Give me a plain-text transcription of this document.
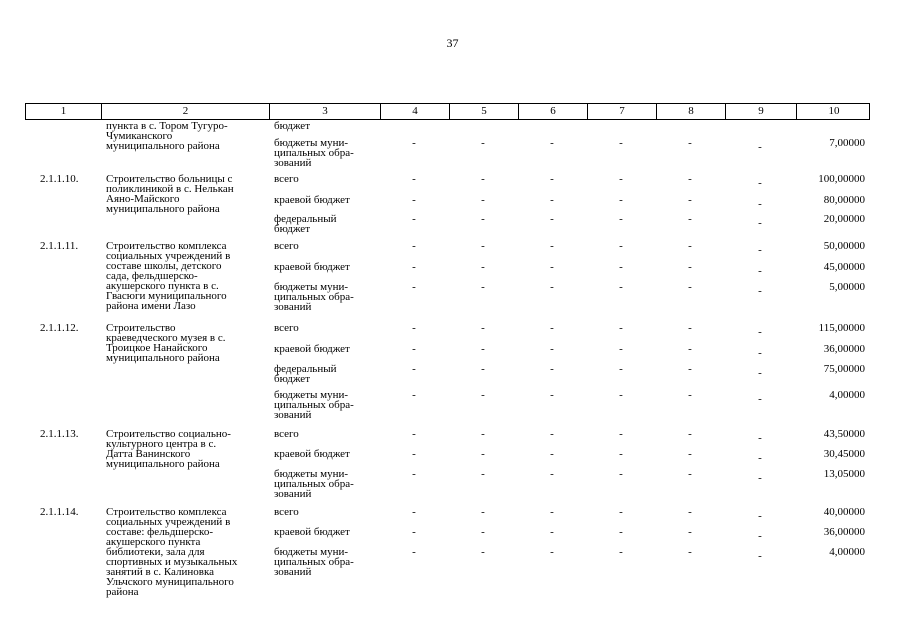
37
1	2	3	4	5	6	7	8	9	10
пункта в с. Тором Тугуро-
Чумиканского
муниципального района
бюджет
бюджеты муни-
ципальных обра-
зований
-	-	-	-	-	-	7,00000
2.1.1.10.	Строительство больницы с
поликлиникой в с. Нелькан
Аяно-Майского
муниципального района
всего	-	-	-	-	-	-	100,00000
краевой бюджет	-	-	-	-	-	-	80,00000
федеральный
бюджет
-	-	-	-	-	-	20,00000
2.1.1.11.	Строительство комплекса
социальных учреждений в
составе школы, детского
сада, фельдшерско-
акушерского пункта в с.
Гвасюги муниципального
района имени Лазо
всего	-	-	-	-	-	-	50,00000
краевой бюджет	-	-	-	-	-	-	45,00000
бюджеты муни-
ципальных обра-
зований
-	-	-	-	-	-	5,00000
2.1.1.12.	Строительство
краеведческого музея в с.
Троицкое Нанайского
муниципального района
всего	-	-	-	-	-	-	115,00000
краевой бюджет	-	-	-	-	-	-	36,00000
федеральный
бюджет
-	-	-	-	-	-	75,00000
бюджеты муни-
ципальных обра-
зований
-	-	-	-	-	-	4,00000
2.1.1.13.	Строительство социально-
культурного центра в с.
Датта Ванинского
муниципального района
всего	-	-	-	-	-	-	43,50000
краевой бюджет	-	-	-	-	-	-	30,45000
бюджеты муни-
ципальных обра-
зований
-	-	-	-	-	-	13,05000
2.1.1.14.	Строительство комплекса
социальных учреждений в
составе: фельдшерско-
акушерского пункта
библиотеки, зала для
спортивных и музыкальных
занятий в с. Калиновка
Ульчского муниципального
района
всего	-	-	-	-	-	-	40,00000
краевой бюджет	-	-	-	-	-	-	36,00000
бюджеты муни-
ципальных обра-
зований
-	-	-	-	-	-	4,00000
